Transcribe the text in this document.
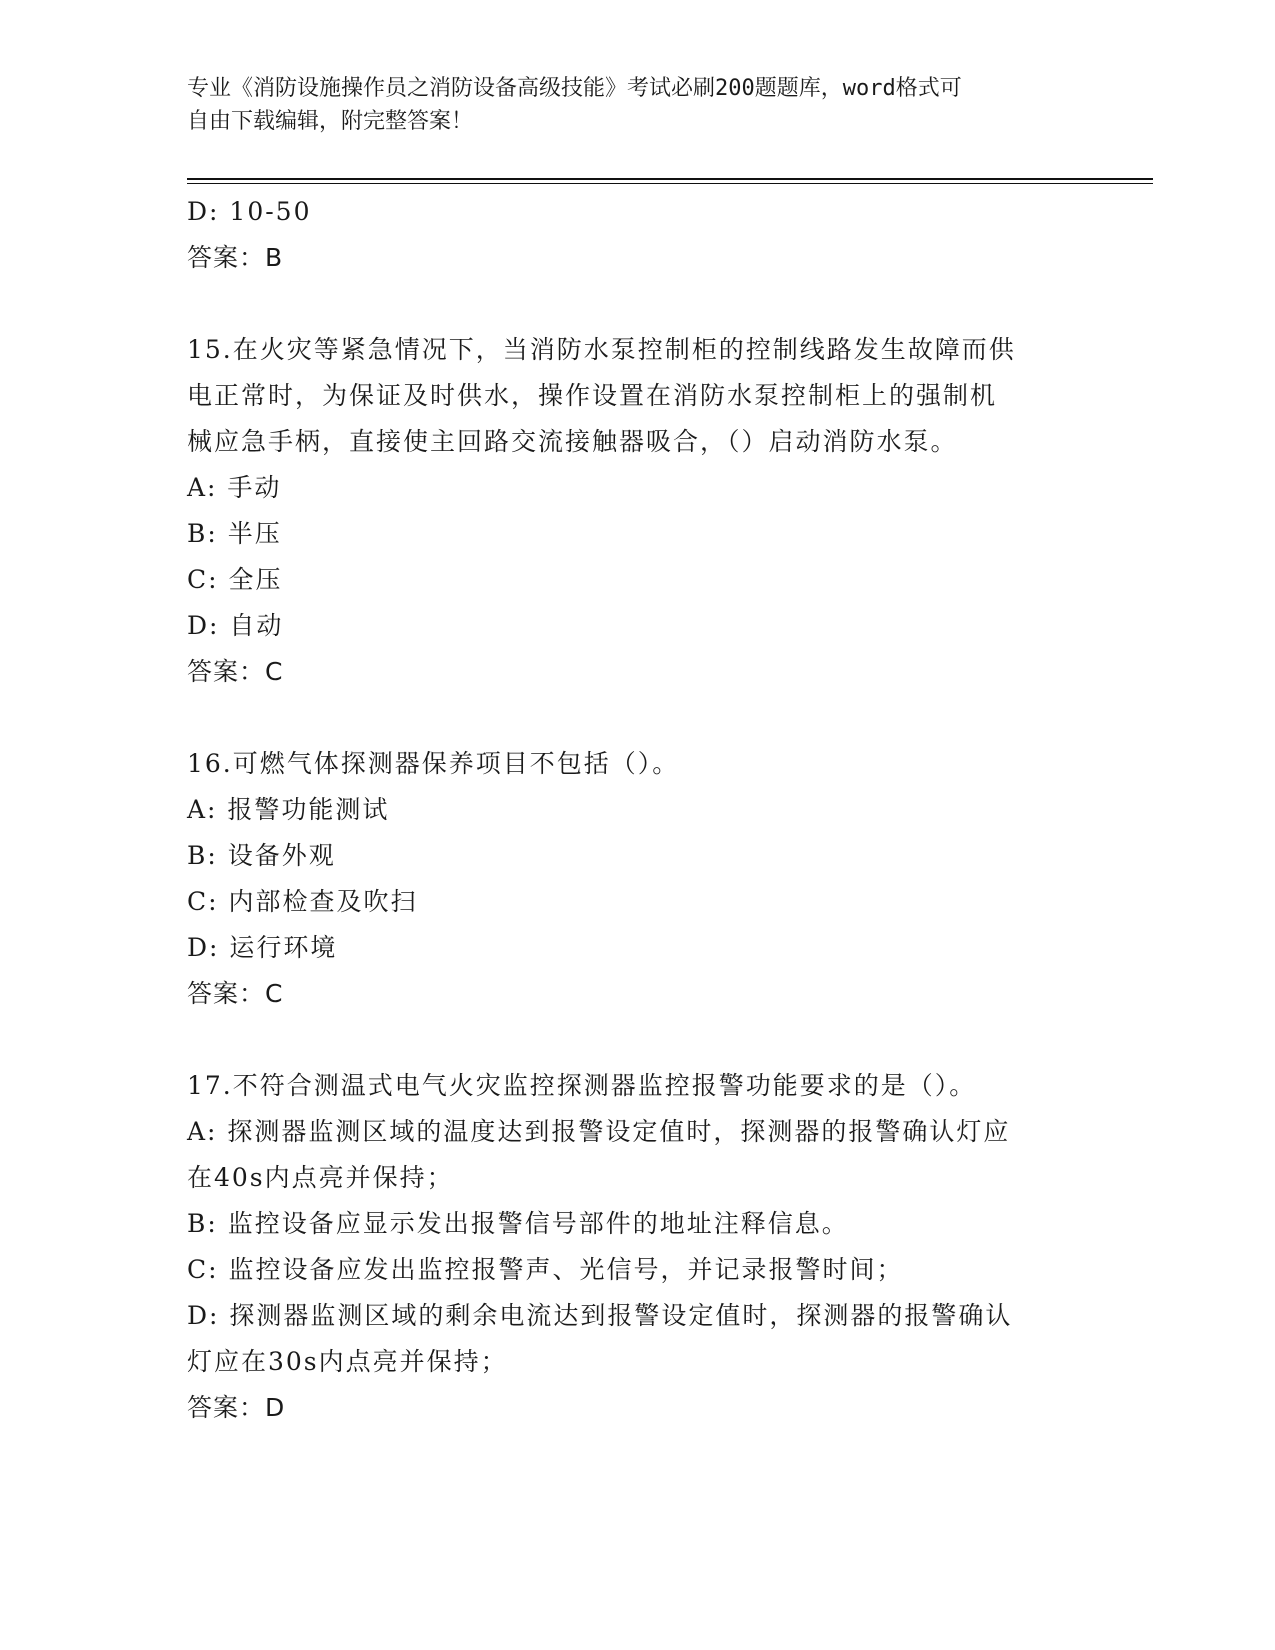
专业《消防设施操作员之消防设备高级技能》考试必刷200题题库，word格式可
自由下载编辑，附完整答案！
D: 10-50
答案：B
15.在火灾等紧急情况下，当消防水泵控制柜的控制线路发生故障而供
电正常时，为保证及时供水，操作设置在消防水泵控制柜上的强制机
械应急手柄，直接使主回路交流接触器吸合，（）启动消防水泵。
A: 手动
B: 半压
C: 全压
D: 自动
答案：C
16.可燃气体探测器保养项目不包括（）。
A: 报警功能测试
B: 设备外观
C: 内部检查及吹扫
D: 运行环境
答案：C
17.不符合测温式电气火灾监控探测器监控报警功能要求的是（）。
A: 探测器监测区域的温度达到报警设定值时，探测器的报警确认灯应
在40s内点亮并保持；
B: 监控设备应显示发出报警信号部件的地址注释信息。
C: 监控设备应发出监控报警声、光信号，并记录报警时间；
D: 探测器监测区域的剩余电流达到报警设定值时，探测器的报警确认
灯应在30s内点亮并保持；
答案：D
